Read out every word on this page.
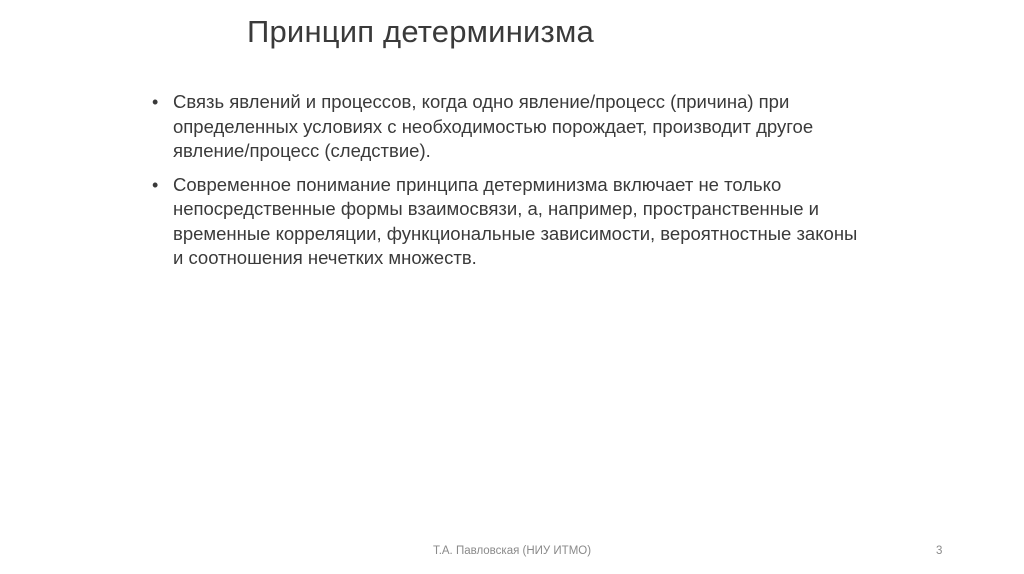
Принцип детерминизма
• Связь явлений и процессов, когда одно явление/процесс (причина) при определенных условиях с необходимостью порождает, производит другое явление/процесс (следствие).
• Современное понимание принципа детерминизма включает не только непосредственные формы взаимосвязи, а, например, пространственные и временные корреляции, функциональные зависимости, вероятностные законы и соотношения нечетких множеств.
Т.А. Павловская (НИУ ИТМО)	3
